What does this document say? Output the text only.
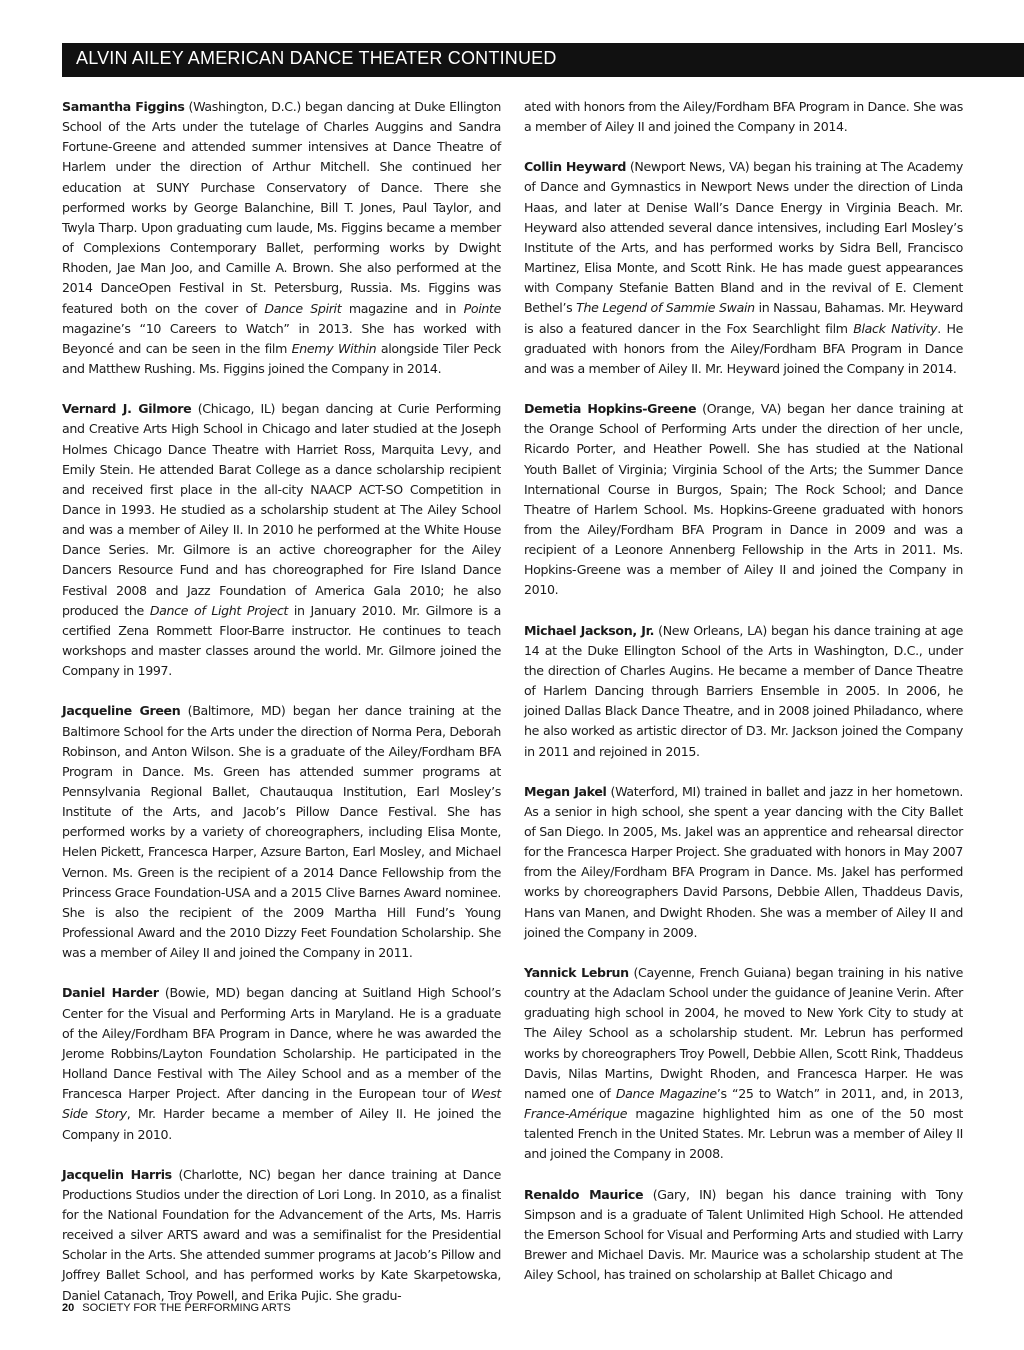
ALVIN AILEY AMERICAN DANCE THEATER CONTINUED

Samantha Figgins (Washington, D.C.) began dancing at Duke Ellington School of the Arts under the tutelage of Charles Auggins and Sandra Fortune-Greene and attended summer intensives at Dance Theatre of Harlem under the direction of Arthur Mitchell. She continued her education at SUNY Purchase Conservatory of Dance. There she performed works by George Balanchine, Bill T. Jones, Paul Taylor, and Twyla Tharp. Upon graduating cum laude, Ms. Figgins became a member of Complexions Contemporary Ballet, performing works by Dwight Rhoden, Jae Man Joo, and Camille A. Brown. She also performed at the 2014 DanceOpen Festival in St. Petersburg, Russia. Ms. Figgins was featured both on the cover of Dance Spirit magazine and in Pointe magazine’s “10 Careers to Watch” in 2013. She has worked with Beyoncé and can be seen in the film Enemy Within alongside Tiler Peck and Matthew Rushing. Ms. Figgins joined the Company in 2014.

Vernard J. Gilmore (Chicago, IL) began dancing at Curie Performing and Creative Arts High School in Chicago and later studied at the Joseph Holmes Chicago Dance Theatre with Harriet Ross, Marquita Levy, and Emily Stein. He attended Barat College as a dance scholarship recipient and received first place in the all-city NAACP ACT-SO Competition in Dance in 1993. He studied as a scholarship student at The Ailey School and was a member of Ailey II. In 2010 he performed at the White House Dance Series. Mr. Gilmore is an active choreographer for the Ailey Dancers Resource Fund and has choreographed for Fire Island Dance Festival 2008 and Jazz Foundation of America Gala 2010; he also produced the Dance of Light Project in January 2010. Mr. Gilmore is a certified Zena Rommett Floor-Barre instructor. He continues to teach workshops and master classes around the world. Mr. Gilmore joined the Company in 1997.

Jacqueline Green (Baltimore, MD) began her dance training at the Baltimore School for the Arts under the direction of Norma Pera, Deborah Robinson, and Anton Wilson. She is a graduate of the Ailey/Fordham BFA Program in Dance. Ms. Green has attended summer programs at Pennsylvania Regional Ballet, Chautauqua Institution, Earl Mosley’s Institute of the Arts, and Jacob’s Pillow Dance Festival. She has performed works by a variety of choreographers, including Elisa Monte, Helen Pickett, Francesca Harper, Azsure Barton, Earl Mosley, and Michael Vernon. Ms. Green is the recipient of a 2014 Dance Fellowship from the Princess Grace Foundation-USA and a 2015 Clive Barnes Award nominee. She is also the recipient of the 2009 Martha Hill Fund’s Young Professional Award and the 2010 Dizzy Feet Foundation Scholarship. She was a member of Ailey II and joined the Company in 2011.

Daniel Harder (Bowie, MD) began dancing at Suitland High School’s Center for the Visual and Performing Arts in Maryland. He is a graduate of the Ailey/Fordham BFA Program in Dance, where he was awarded the Jerome Robbins/Layton Foundation Scholarship. He participated in the Holland Dance Festival with The Ailey School and as a member of the Francesca Harper Project. After dancing in the European tour of West Side Story, Mr. Harder became a member of Ailey II. He joined the Company in 2010.

Jacquelin Harris (Charlotte, NC) began her dance training at Dance Productions Studios under the direction of Lori Long. In 2010, as a finalist for the National Foundation for the Advancement of the Arts, Ms. Harris received a silver ARTS award and was a semifinalist for the Presidential Scholar in the Arts. She attended summer programs at Jacob’s Pillow and Joffrey Ballet School, and has performed works by Kate Skarpetowska, Daniel Catanach, Troy Powell, and Erika Pujic. She gradu-

ated with honors from the Ailey/Fordham BFA Program in Dance. She was a member of Ailey II and joined the Company in 2014.

Collin Heyward (Newport News, VA) began his training at The Academy of Dance and Gymnastics in Newport News under the direction of Linda Haas, and later at Denise Wall’s Dance Energy in Virginia Beach. Mr. Heyward also attended several dance intensives, including Earl Mosley’s Institute of the Arts, and has performed works by Sidra Bell, Francisco Martinez, Elisa Monte, and Scott Rink. He has made guest appearances with Company Stefanie Batten Bland and in the revival of E. Clement Bethel’s The Legend of Sammie Swain in Nassau, Bahamas. Mr. Heyward is also a featured dancer in the Fox Searchlight film Black Nativity. He graduated with honors from the Ailey/Fordham BFA Program in Dance and was a member of Ailey II. Mr. Heyward joined the Company in 2014.

Demetia Hopkins-Greene (Orange, VA) began her dance training at the Orange School of Performing Arts under the direction of her uncle, Ricardo Porter, and Heather Powell. She has studied at the National Youth Ballet of Virginia; Virginia School of the Arts; the Summer Dance International Course in Burgos, Spain; The Rock School; and Dance Theatre of Harlem School. Ms. Hopkins-Greene graduated with honors from the Ailey/Fordham BFA Program in Dance in 2009 and was a recipient of a Leonore Annenberg Fellowship in the Arts in 2011. Ms. Hopkins-Greene was a member of Ailey II and joined the Company in 2010.

Michael Jackson, Jr. (New Orleans, LA) began his dance training at age 14 at the Duke Ellington School of the Arts in Washington, D.C., under the direction of Charles Augins. He became a member of Dance Theatre of Harlem Dancing through Barriers Ensemble in 2005. In 2006, he joined Dallas Black Dance Theatre, and in 2008 joined Philadanco, where he also worked as artistic director of D3. Mr. Jackson joined the Company in 2011 and rejoined in 2015.

Megan Jakel (Waterford, MI) trained in ballet and jazz in her hometown. As a senior in high school, she spent a year dancing with the City Ballet of San Diego. In 2005, Ms. Jakel was an apprentice and rehearsal director for the Francesca Harper Project. She graduated with honors in May 2007 from the Ailey/Fordham BFA Program in Dance. Ms. Jakel has performed works by choreographers David Parsons, Debbie Allen, Thaddeus Davis, Hans van Manen, and Dwight Rhoden. She was a member of Ailey II and joined the Company in 2009.

Yannick Lebrun (Cayenne, French Guiana) began training in his native country at the Adaclam School under the guidance of Jeanine Verin. After graduating high school in 2004, he moved to New York City to study at The Ailey School as a scholarship student. Mr. Lebrun has performed works by choreographers Troy Powell, Debbie Allen, Scott Rink, Thaddeus Davis, Nilas Martins, Dwight Rhoden, and Francesca Harper. He was named one of Dance Magazine’s “25 to Watch” in 2011, and, in 2013, France-Amérique magazine highlighted him as one of the 50 most talented French in the United States. Mr. Lebrun was a member of Ailey II and joined the Company in 2008.

Renaldo Maurice (Gary, IN) began his dance training with Tony Simpson and is a graduate of Talent Unlimited High School. He attended the Emerson School for Visual and Performing Arts and studied with Larry Brewer and Michael Davis. Mr. Maurice was a scholarship student at The Ailey School, has trained on scholarship at Ballet Chicago and

20 SOCIETY FOR THE PERFORMING ARTS
